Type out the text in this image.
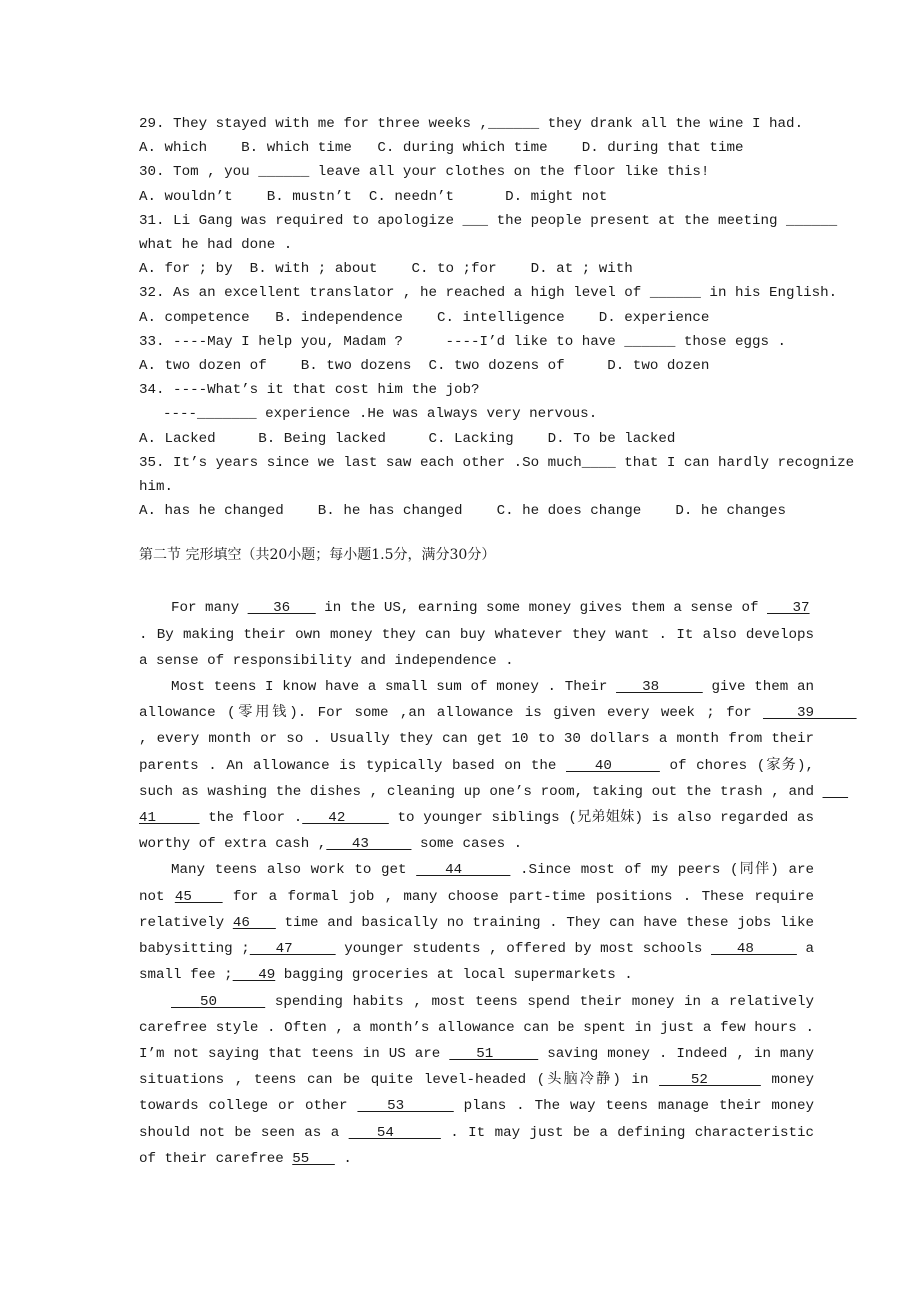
29. They stayed with me for three weeks ,______ they drank all the wine I had.
A. which    B. which time   C. during which time    D. during that time
30. Tom , you ______ leave all your clothes on the floor like this!
A. wouldn’t    B. mustn’t  C. needn’t      D. might not
31. Li Gang was required to apologize ___ the people present at the meeting ______
what he had done .
A. for ; by  B. with ; about    C. to ;for    D. at ; with
32. As an excellent translator , he reached a high level of ______ in his English.
A. competence   B. independence    C. intelligence    D. experience
33. ----May I help you, Madam ?     ----I’d like to have ______ those eggs .
A. two dozen of    B. two dozens  C. two dozens of     D. two dozen
34. ----What’s it that cost him the job?
----_______ experience .He was always very nervous.
A. Lacked     B. Being lacked     C. Lacking    D. To be lacked
35. It’s years since we last saw each other .So much____ that I can hardly recognize
him.
A. has he changed    B. he has changed    C. he does change    D. he changes
第二节 完形填空（共20小题；每小题1.5分，满分30分）
For many    36    in the US, earning some money gives them a sense of    37
. By making their own money they can buy whatever they want . It also develops a sense of responsibility and independence .
Most teens I know have a small sum of money . Their    38      give them an allowance (零用钱). For some ,an allowance is given every week ; for    39      , every month or so . Usually they can get 10 to 30 dollars a month from their parents . An allowance is typically based on the    40      of chores (家务), such as washing the dishes , cleaning up one’s room, taking out the trash , and    41      the floor .   42      to younger siblings (兄弟姐妹) is also regarded as worthy of extra cash ,   43      some cases .
Many teens also work to get    44      .Since most of my peers (同伴) are not 45    for a formal job , many choose part-time positions . These require relatively 46    time and basically no training . They can have these jobs like babysitting ;   47      younger students , offered by most schools    48      a small fee ;   49 bagging groceries at local supermarkets .
50      spending habits , most teens spend their money in a relatively carefree style . Often , a month’s allowance can be spent in just a few hours . I’m not saying that teens in US are    51      saving money . Indeed , in many situations , teens can be quite level-headed (头脑冷静) in    52      money towards college or other    53      plans . The way teens manage their money should not be seen as a    54      . It may just be a defining characteristic of their carefree 55    .
